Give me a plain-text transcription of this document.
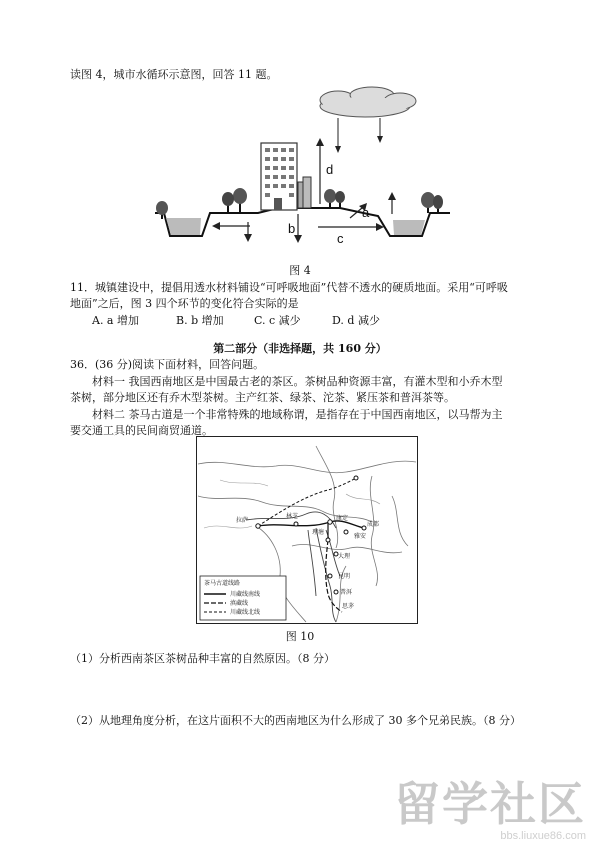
读图 4，城市水循环示意图，回答 11 题。
d
b
c
a
图 4
11．城镇建设中，提倡用透水材料铺设“可呼吸地面”代替不透水的硬质地面。采用“可呼吸
地面”之后，图 3 四个环节的变化符合实际的是
A. a 增加	B. b 增加	C. c 减少	D. d 减少
第二部分（非选择题，共 160 分）
36．(36 分)阅读下面材料，回答问题。
材料一 我国西南地区是中国最古老的茶区。茶树品种资源丰富，有灌木型和小乔木型
茶树，部分地区还有乔木型茶树。主产红茶、绿茶、沱茶、紧压茶和普洱茶等。
材料二 茶马古道是一个非常特殊的地域称谓，是指存在于中国西南地区，以马帮为主
要交通工具的民间商贸通道。
拉萨
林芝
理塘
雅安
成都
康定
大理
昆明
普洱
思茅
茶马古道线路
川藏线南线
滇藏线
川藏线北线
图 10
（1）分析西南茶区茶树品种丰富的自然原因。（8 分）
（2）从地理角度分析，在这片面积不大的西南地区为什么形成了 30 多个兄弟民族。（8 分）
留学社区
bbs.liuxue86.com
